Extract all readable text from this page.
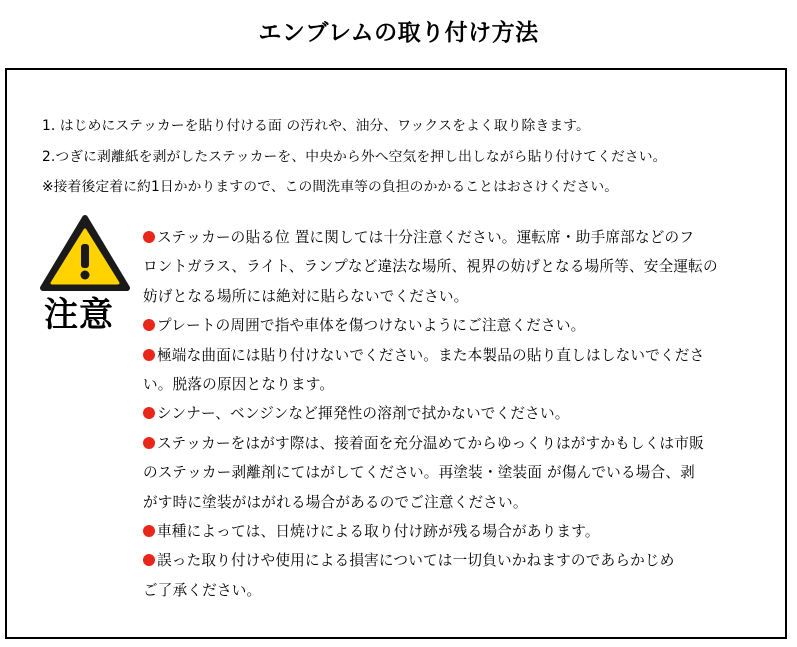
エンブレムの取り付け方法
1. はじめにステッカーを貼り付ける面 の汚れや、油分、ワックスをよく取り除きます。
2.つぎに剥離紙を剥がしたステッカーを、中央から外へ空気を押し出しながら貼り付けてください。
※接着後定着に約1日かかりますので、この間洗車等の負担のかかることはおさけください。
注意
ステッカーの貼る位 置に関しては十分注意ください。運転席・助手席部などのフ
ロントガラス、ライト、ランプなど違法な場所、視界の妨げとなる場所等、安全運転の
妨げとなる場所には絶対に貼らないでください。
プレートの周囲で指や車体を傷つけないようにご注意ください。
極端な曲面には貼り付けないでください。また本製品の貼り直しはしないでくださ
い。脱落の原因となります。
シンナー、ベンジンなど揮発性の溶剤で拭かないでください。
ステッカーをはがす際は、接着面を充分温めてからゆっくりはがすかもしくは市販
のステッカー剥離剤にてはがしてください。再塗装・塗装面 が傷んでいる場合、剥
がす時に塗装がはがれる場合があるのでご注意ください。
車種によっては、日焼けによる取り付け跡が残る場合があります。
誤った取り付けや使用による損害については一切負いかねますのであらかじめ
ご了承ください。
